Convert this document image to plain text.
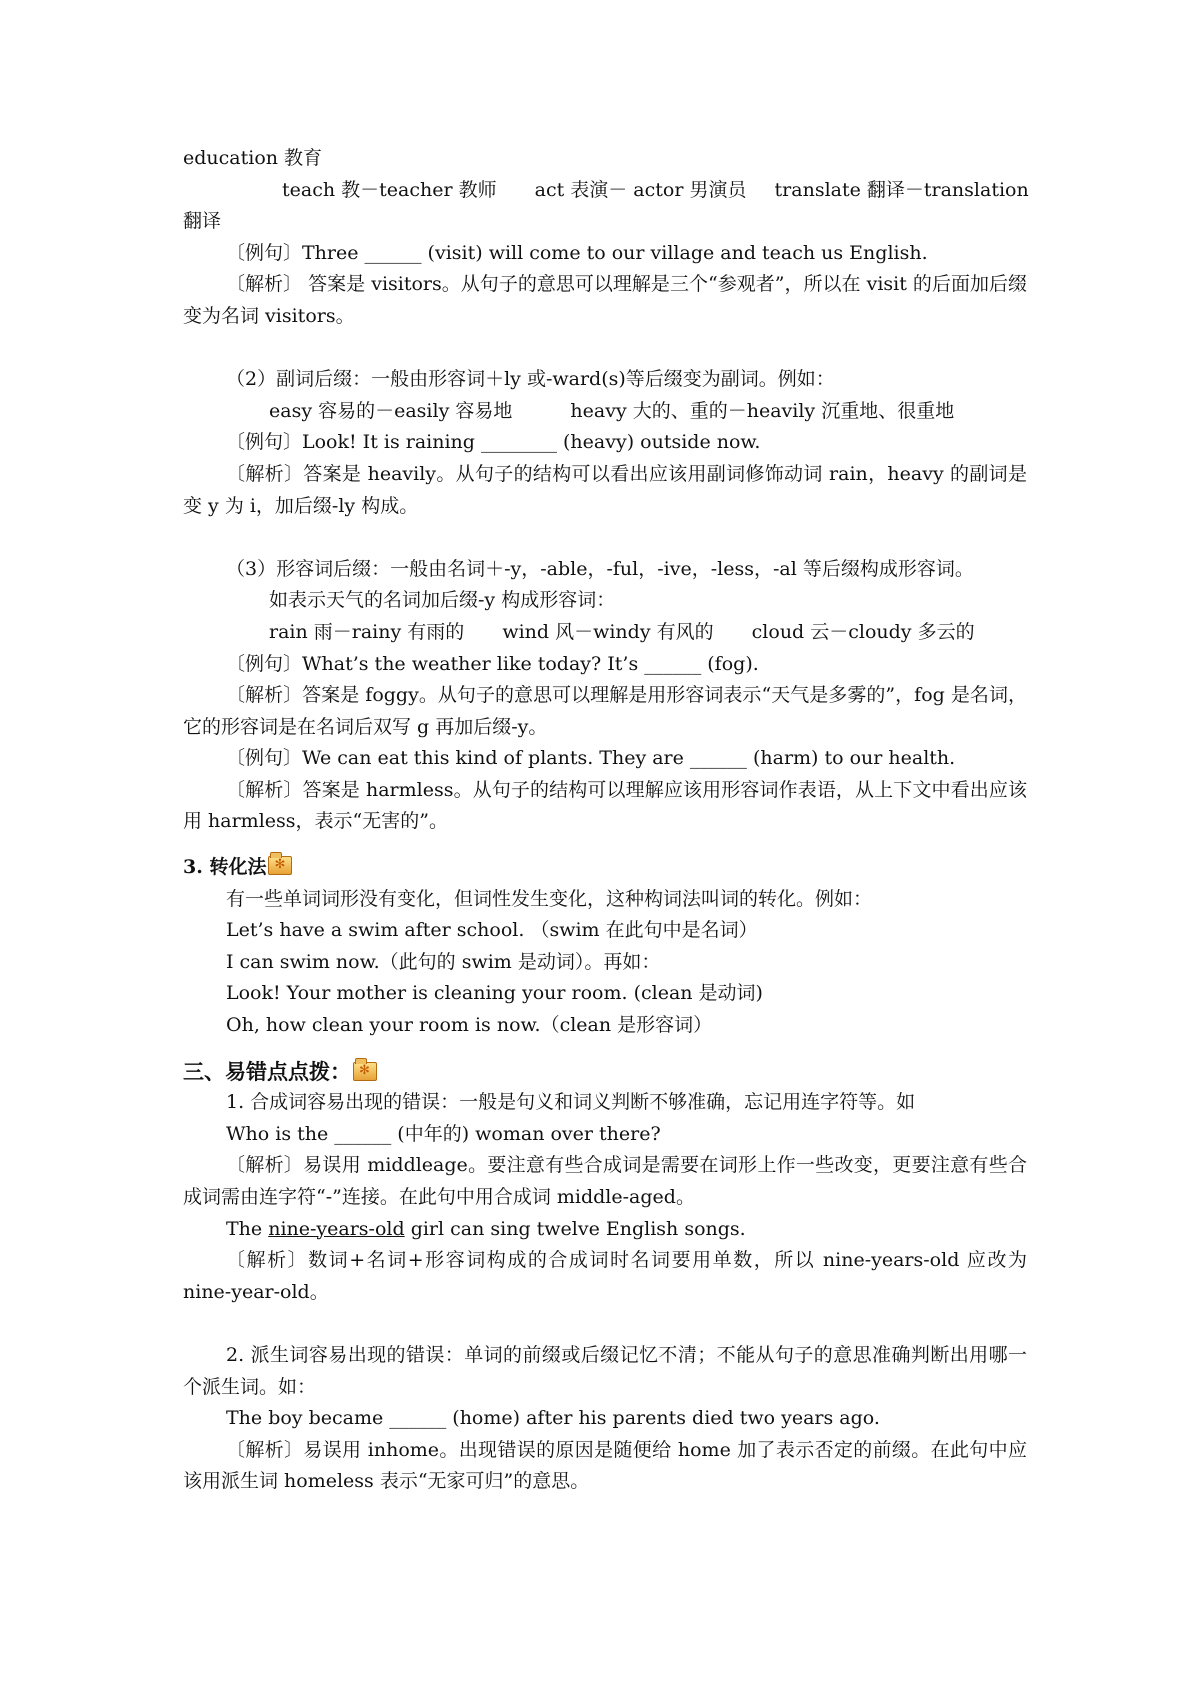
education 教育

teach 教－teacher 教师 act 表演－ actor 男演员 translate 翻译－translation

翻译

〔例句〕Three ______ (visit) will come to our village and teach us English.

〔解析〕 答案是 visitors。从句子的意思可以理解是三个“参观者”，所以在 visit 的后面加后缀变为名词 visitors。

（2）副词后缀：一般由形容词＋ly 或-ward(s)等后缀变为副词。例如：

easy 容易的－easily 容易地	heavy 大的、重的－heavily 沉重地、很重地

〔例句〕Look! It is raining ________ (heavy) outside now.

〔解析〕答案是 heavily。从句子的结构可以看出应该用副词修饰动词 rain，heavy 的副词是变 y 为 i，加后缀-ly 构成。

（3）形容词后缀：一般由名词＋-y，-able，-ful，-ive，-less，-al 等后缀构成形容词。

如表示天气的名词加后缀-y 构成形容词：

rain 雨－rainy 有雨的 wind 风－windy 有风的 cloud 云－cloudy 多云的

〔例句〕What’s the weather like today? It’s ______ (fog).

〔解析〕答案是 foggy。从句子的意思可以理解是用形容词表示“天气是多雾的”，fog 是名词，它的形容词是在名词后双写 g 再加后缀-y。

〔例句〕We can eat this kind of plants. They are ______ (harm) to our health.

〔解析〕答案是 harmless。从句子的结构可以理解应该用形容词作表语，从上下文中看出应该用 harmless，表示“无害的”。

3. 转化法✻

有一些单词词形没有变化，但词性发生变化，这种构词法叫词的转化。例如：

Let’s have a swim after school. （swim 在此句中是名词）

I can swim now.（此句的 swim 是动词）。再如：

Look! Your mother is cleaning your room. (clean 是动词)

Oh, how clean your room is now.（clean 是形容词）

三、易错点点拨：✻

1. 合成词容易出现的错误：一般是句义和词义判断不够准确，忘记用连字符等。如

Who is the ______ (中年的) woman over there?

〔解析〕易误用 middleage。要注意有些合成词是需要在词形上作一些改变，更要注意有些合成词需由连字符“-”连接。在此句中用合成词 middle-aged。

The nine-years-old girl can sing twelve English songs.

〔解析〕数词+名词+形容词构成的合成词时名词要用单数，所以 nine-years-old 应改为 nine-year-old。

2. 派生词容易出现的错误：单词的前缀或后缀记忆不清；不能从句子的意思准确判断出用哪一个派生词。如：

The boy became ______ (home) after his parents died two years ago.

〔解析〕易误用 inhome。出现错误的原因是随便给 home 加了表示否定的前缀。在此句中应该用派生词 homeless 表示“无家可归”的意思。
